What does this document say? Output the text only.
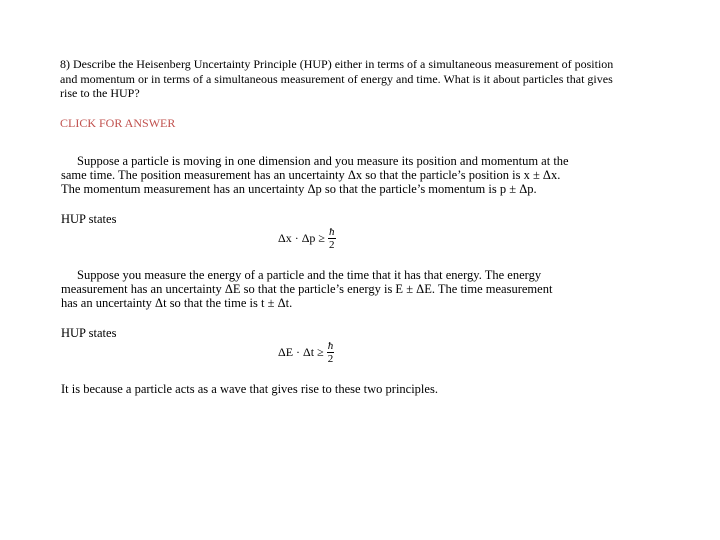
8) Describe the Heisenberg Uncertainty Principle (HUP) either in terms of a simultaneous measurement of position and momentum or in terms of a simultaneous measurement of energy and time. What is it about particles that gives rise to the HUP?
CLICK FOR ANSWER
Suppose a particle is moving in one dimension and you measure its position and momentum at the
same time. The position measurement has an uncertainty Δx so that the particle’s position is x ± Δx.
The momentum measurement has an uncertainty Δp so that the particle’s momentum is p ± Δp.
HUP states
$\Delta x \cdot \Delta p \ge \frac{ħ}{2}$
Suppose you measure the energy of a particle and the time that it has that energy. The energy
measurement has an uncertainty ΔE so that the particle’s energy is E ± ΔE. The time measurement
has an uncertainty Δt so that the time is t ± Δt.
HUP states
$\Delta E \cdot \Delta t \ge \frac{ħ}{2}$
It is because a particle acts as a wave that gives rise to these two principles.
